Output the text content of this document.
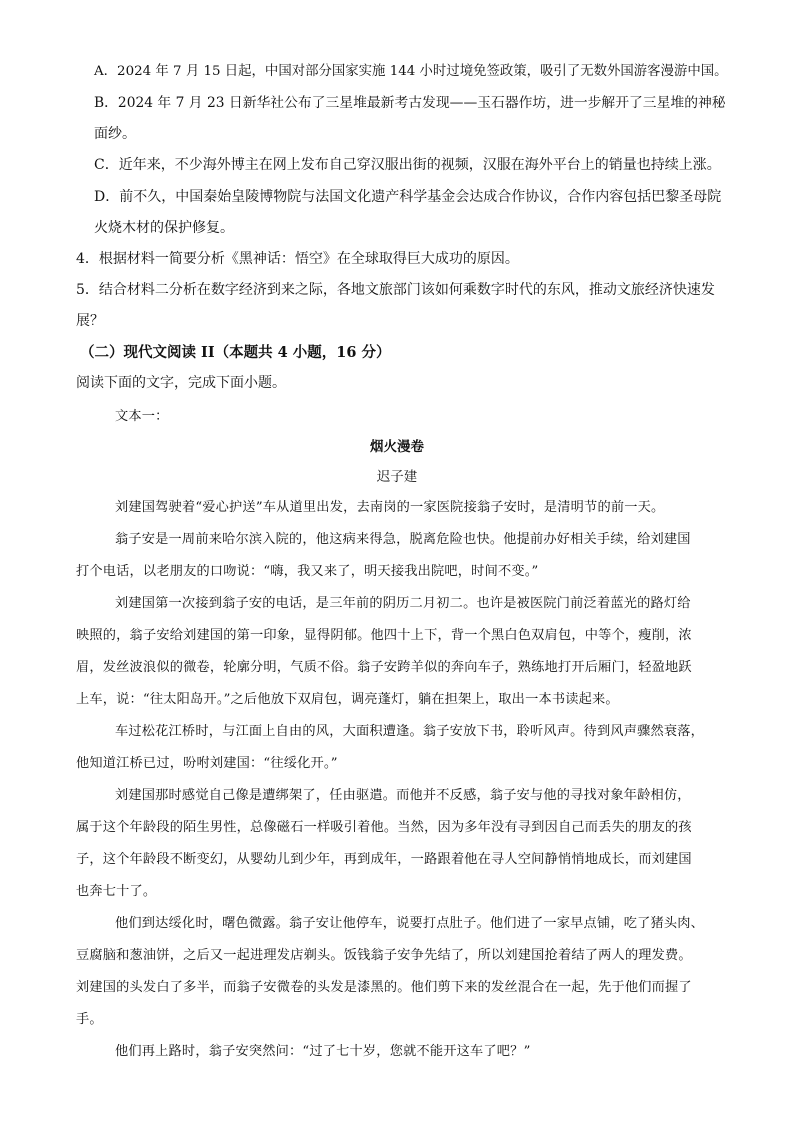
A．2024 年 7 月 15 日起，中国对部分国家实施 144 小时过境免签政策，吸引了无数外国游客漫游中国。
B．2024 年 7 月 23 日新华社公布了三星堆最新考古发现——玉石器作坊，进一步解开了三星堆的神秘
面纱。
C．近年来，不少海外博主在网上发布自己穿汉服出街的视频，汉服在海外平台上的销量也持续上涨。
D．前不久，中国秦始皇陵博物院与法国文化遗产科学基金会达成合作协议，合作内容包括巴黎圣母院
火烧木材的保护修复。
4．根据材料一简要分析《黑神话：悟空》在全球取得巨大成功的原因。
5．结合材料二分析在数字经济到来之际，各地文旅部门该如何乘数字时代的东风，推动文旅经济快速发
展？
（二）现代文阅读 II（本题共 4 小题，16 分）
阅读下面的文字，完成下面小题。
文本一：
烟火漫卷
迟子建
刘建国驾驶着“爱心护送”车从道里出发，去南岗的一家医院接翁子安时，是清明节的前一天。
翁子安是一周前来哈尔滨入院的，他这病来得急，脱离危险也快。他提前办好相关手续，给刘建国
打个电话，以老朋友的口吻说：“嗨，我又来了，明天接我出院吧，时间不变。”
刘建国第一次接到翁子安的电话，是三年前的阴历二月初二。也许是被医院门前泛着蓝光的路灯给
映照的，翁子安给刘建国的第一印象，显得阴郁。他四十上下，背一个黑白色双肩包，中等个，瘦削，浓
眉，发丝波浪似的微卷，轮廓分明，气质不俗。翁子安跨羊似的奔向车子，熟练地打开后厢门，轻盈地跃
上车，说：“往太阳岛开。”之后他放下双肩包，调亮蓬灯，躺在担架上，取出一本书读起来。
车过松花江桥时，与江面上自由的风，大面积遭逢。翁子安放下书，聆听风声。待到风声骤然衰落，
他知道江桥已过，吩咐刘建国：“往绥化开。”
刘建国那时感觉自己像是遭绑架了，任由驱遣。而他并不反感，翁子安与他的寻找对象年龄相仿，
属于这个年龄段的陌生男性，总像磁石一样吸引着他。当然，因为多年没有寻到因自己而丢失的朋友的孩
子，这个年龄段不断变幻，从婴幼儿到少年，再到成年，一路跟着他在寻人空间静悄悄地成长，而刘建国
也奔七十了。
他们到达绥化时，曙色微露。翁子安让他停车，说要打点肚子。他们进了一家早点铺，吃了猪头肉、
豆腐脑和葱油饼，之后又一起进理发店剃头。饭钱翁子安争先结了，所以刘建国抢着结了两人的理发费。
刘建国的头发白了多半，而翁子安微卷的头发是漆黑的。他们剪下来的发丝混合在一起，先于他们而握了
手。
他们再上路时，翁子安突然问：“过了七十岁，您就不能开这车了吧？”
